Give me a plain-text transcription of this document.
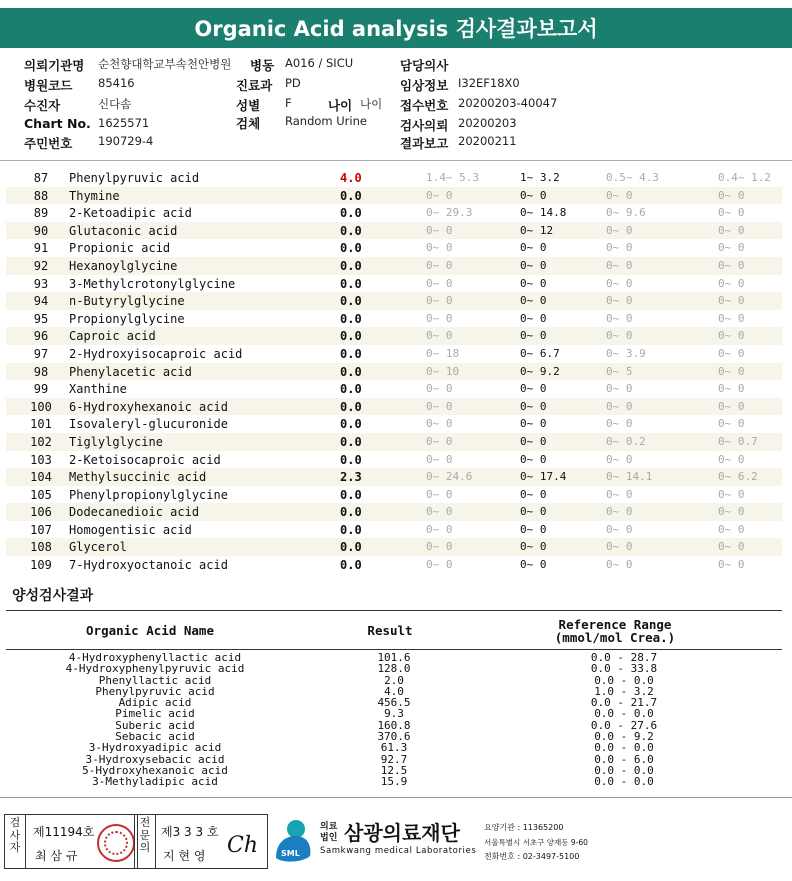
Organic Acid analysis 검사결과보고서
의뢰기관명 순천향대학교부속천안병원 병동 A016 / SICU	담당의사
병원코드 85416	진료과 PD	임상정보 I32EF18X0
수진자	신다솜	성별 F	나이 나이 접수번호 20200203-40047
Chart No. 1625571	검체 Random Urine	검사의뢰 20200203
주민번호 190729-4	결과보고 20200211
87	Phenylpyruvic acid	4.0	1.4~ 5.3	1~ 3.2	0.5~ 4.3	0.4~ 1.2
88	Thymine	0.0	0~ 0	0~ 0	0~ 0	0~ 0
89	2-Ketoadipic acid	0.0	0~ 29.3	0~ 14.8	0~ 9.6	0~ 0
90	Glutaconic acid	0.0	0~ 0	0~ 12	0~ 0	0~ 0
91	Propionic acid	0.0	0~ 0	0~ 0	0~ 0	0~ 0
92	Hexanoylglycine	0.0	0~ 0	0~ 0	0~ 0	0~ 0
93	3-Methylcrotonylglycine	0.0	0~ 0	0~ 0	0~ 0	0~ 0
94	n-Butyrylglycine	0.0	0~ 0	0~ 0	0~ 0	0~ 0
95	Propionylglycine	0.0	0~ 0	0~ 0	0~ 0	0~ 0
96	Caproic acid	0.0	0~ 0	0~ 0	0~ 0	0~ 0
97	2-Hydroxyisocaproic acid	0.0	0~ 18	0~ 6.7	0~ 3.9	0~ 0
98	Phenylacetic acid	0.0	0~ 10	0~ 9.2	0~ 5	0~ 0
99	Xanthine	0.0	0~ 0	0~ 0	0~ 0	0~ 0
100	6-Hydroxyhexanoic acid	0.0	0~ 0	0~ 0	0~ 0	0~ 0
101	Isovaleryl-glucuronide	0.0	0~ 0	0~ 0	0~ 0	0~ 0
102	Tiglylglycine	0.0	0~ 0	0~ 0	0~ 0.2	0~ 0.7
103	2-Ketoisocaproic acid	0.0	0~ 0	0~ 0	0~ 0	0~ 0
104	Methylsuccinic acid	2.3	0~ 24.6	0~ 17.4	0~ 14.1	0~ 6.2
105	Phenylpropionylglycine	0.0	0~ 0	0~ 0	0~ 0	0~ 0
106	Dodecanedioic acid	0.0	0~ 0	0~ 0	0~ 0	0~ 0
107	Homogentisic acid	0.0	0~ 0	0~ 0	0~ 0	0~ 0
108	Glycerol	0.0	0~ 0	0~ 0	0~ 0	0~ 0
109	7-Hydroxyoctanoic acid	0.0	0~ 0	0~ 0	0~ 0	0~ 0
양성검사결과
Organic Acid Name	Result	Reference Range
(mmol/mol Crea.)
4-Hydroxyphenyllactic acid	101.6	0.0 - 28.7
4-Hydroxyphenylpyruvic acid	128.0	0.0 - 33.8
Phenyllactic acid	2.0	0.0 - 0.0
Phenylpyruvic acid	4.0	1.0 - 3.2
Adipic acid	456.5	0.0 - 21.7
Pimelic acid	9.3	0.0 - 0.0
Suberic acid	160.8	0.0 - 27.6
Sebacic acid	370.6	0.0 - 9.2
3-Hydroxyadipic acid	61.3	0.0 - 0.0
3-Hydroxysebacic acid	92.7	0.0 - 6.0
5-Hydroxyhexanoic acid	12.5	0.0 - 0.0
3-Methyladipic acid	15.9	0.0 - 0.0
검
사
자
제11194호
최 삼 규
전
문
의
제3 3 3 호
지 현 영 Ch	SML
의료
법인 삼광의료재단
Samkwang medical Laboratories
요양기관 : 11365200
서울특별시 서초구 양재동 9-60
전화번호 : 02-3497-5100
